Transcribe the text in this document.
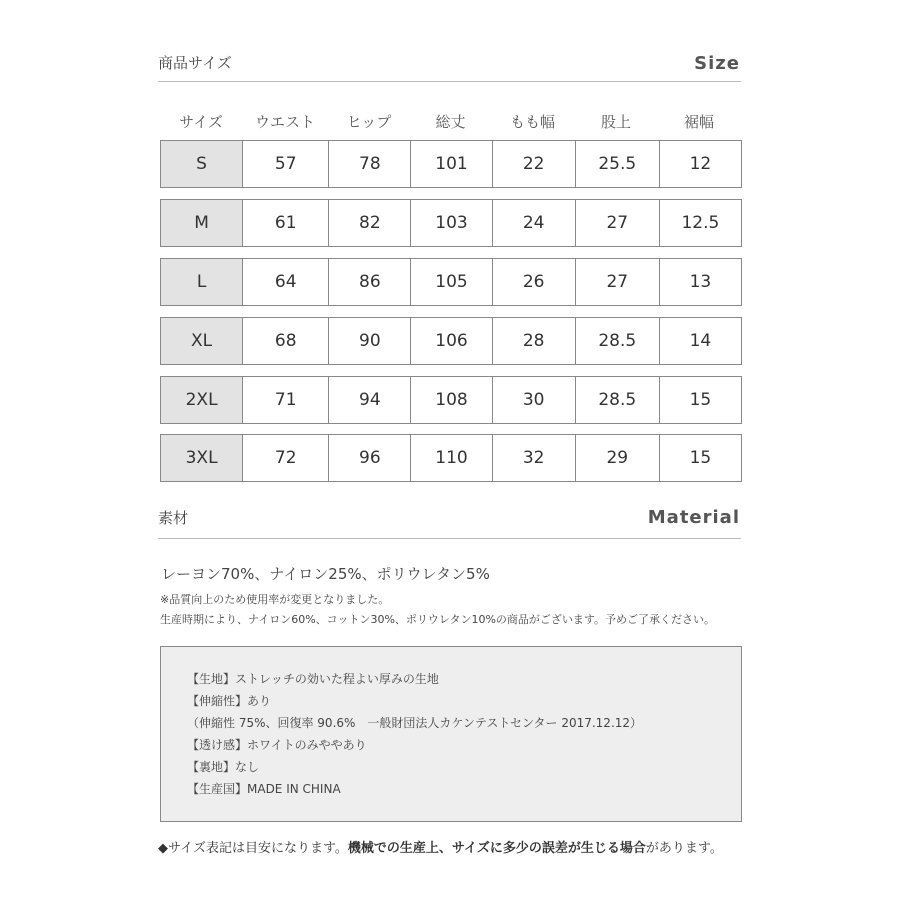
商品サイズ	Size
サイズ	ウエスト	ヒップ	総丈	もも幅	股上	裾幅
S	57	78	101	22	25.5	12
M	61	82	103	24	27	12.5
L	64	86	105	26	27	13
XL	68	90	106	28	28.5	14
2XL	71	94	108	30	28.5	15
3XL	72	96	110	32	29	15
素材	Material
レーヨン70%、ナイロン25%、ポリウレタン5%
※品質向上のため使用率が変更となりました。
生産時期により、ナイロン60%、コットン30%、ポリウレタン10%の商品がございます。予めご了承ください。
【生地】ストレッチの効いた程よい厚みの生地
【伸縮性】あり
（伸縮性 75%、回復率 90.6%　一般財団法人カケンテストセンター 2017.12.12）
【透け感】ホワイトのみややあり
【裏地】なし
【生産国】MADE IN CHINA
◆サイズ表記は目安になります。機械での生産上、サイズに多少の誤差が生じる場合があります。
